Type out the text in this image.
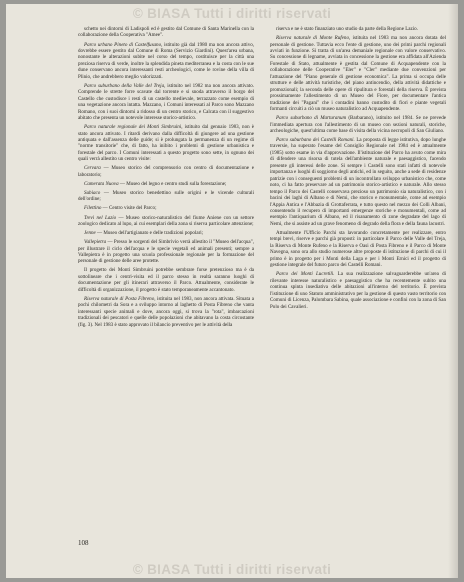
© BIASA Tutti i diritti riservati

schetto nei dintorni di Ladispoli ed è gestito dal Comune di Santa Marinella con la collaborazione della Cooperativa "Amee".

Parco urbano Pineto di Castelfusano, istituito già dal 1980 ma non ancora attivo, dovrebbe essere gestito dal Comune di Roma (Servizio Giardini). Quest'area urbana, nonostante le alterazioni subite nel corso del tempo, costituisce per la città una preziosa riserva di verde, inoltre la splendida pineta mediterranea e la costa con le sue dune conservano ancora interessanti resti archeologici, come le rovine della villa di Plinio, che andrebbero meglio valorizzati.

Parco suburbano della Valle del Treja, istituito nel 1982 ma non ancora attivato. Comprende le strette forre scavate dal torrente e si snoda attraverso il borgo del Castello che custodisce i resti di un castello medievale, terrazzato come esempio di una vegetazione ancora intatta. Mazzano, i Comuni interessati al Parco sono Mazzano Romano, con i suoi dintorni a ridosso di un centro storico, e Calcata con il suggestivo abitato che presenta un notevole interesse storico-artistico.

Parco naturale regionale dei Monti Simbruini, istituito dal gennaio 1983, non è stato ancora attivato. I ritardi derivano dalla difficoltà di giungere ad una gestione antiquata e dall'assenza delle guide; si è prolungata la permanenza di un regime di "norme transitorie" che, di fatto, ha inibito i problemi di gestione urbanistica e forestale del parco. I Comuni interessati a questo progetto sono sette, in ognuno dei quali verrà allestito un centro visite:

Cervara — Museo storico del comprensorio con centro di documentazione e laboratorio;

Camerata Nuova — Museo del legno e centro studi sulla forestazione;

Subiaco — Museo storico benedettino sulle origini e le vicende culturali dell'ordine;

Filettino — Centro visite del Parco;

Trevi nel Lazio — Museo storico-naturalistico del fiume Aniene con un settore zoologico dedicato al lupo, ai cui esemplari della zona si riserva particolare attenzione;

Jenne — Museo dell'artigianato e delle tradizioni popolari;

Vallepietra — Presso le sorgenti del Simbrivio verrà allestito il "Museo dell'acqua", per illustrare il ciclo dell'acqua e le specie vegetali ed animali presenti; sempre a Vallepietra è in progetto una scuola professionale regionale per la formazione del personale di gestione delle aree protette.

Il progetto dei Monti Simbruini potrebbe sembrare forse pretenzioso ma è da sottolineare che i centri-visita ed il parco stesso in realtà saranno luoghi di documentazione per gli itinerari attraverso il Parco. Attualmente, considerate le difficoltà di organizzazione, il progetto è stato temporaneamente accantonato.

Riserva naturale di Posta Fibreno, istituita nel 1983, non ancora attivata. Situata a pochi chilometri da Sora e a sviluppo intorno al laghetto di Posta Fibreno che vanta interessanti specie animali e dove, ancora oggi, si trova la "rota", imbarcazioni tradizionali dei pescatori e quelle delle popolazioni che abitavano la costa circostante (fig. 3). Nel 1983 è stato approvato il bilancio preventivo per le attività della

riserva e ne è stato finanziato uno studio da parte della Regione Lazio.

Riserva naturale di Monte Rufeno, istituita nel 1983 ma non ancora dotata del personale di gestione. Tuttavia ecco l'ente di gestione, uno dei primi parchi regionali avviati in funzione. Si tratta di un'area demaniale regionale con valore conservativo. Su concessione di legname, avviata in concessione la gestione era affidata all'Azienda Forestale di Stato, attualmente è gestita dal Comune di Acquapendente con la collaborazione delle Cooperative "Eler" e "Cler" mediante due convenzioni per l'attuazione del "Piano generale di gestione economica". La prima si occupa delle strutture e delle attività turistiche, del piano antincendio, della attività didattiche e promozionali; la seconda delle opere di ripulitura e forestali della riserva. È prevista prossimamente l'allestimento di un Museo del Fiore, per documentare l'antica tradizione dei "Pagani" che i contadini hanno custodito di fiori e piante vegetali formanti circuiti a ciò un museo naturalistico ad Acquapendente.

Parco suburbano di Marturanum (Barbarano), istituito nel 1984. Se ne prevede l'immediata apertura con l'allestimento di un museo con sezioni naturali, storiche, archeologiche, quest'ultima come base di visita della vicina necropoli di San Giuliano.

Parco suburbano dei Castelli Romani. La proposta di legge istitutiva, dopo lunghe traversie, ha superato l'esame del Consiglio Regionale nel 1984 ed è attualmente (1985) sotto esame in via d'approvazione. Il'istituzione del Parco ha avuto come mira di difendere una risorsa di tutela dell'ambiente naturale e paesaggistico, facendo presente gli interessi delle zone. Si sempre i Castelli sono stati infatti di notevole importanza e luoghi di soggiorno degli antichi, ed in seguito, anche a sede di residenze patrizie con i conseguenti problemi di un incontrollato sviluppo urbanistico che, come noto, ci ha fatto preservare ad un patrimonio storico-artistico e naturale. Allo stesso tempo il Parco dei Castelli conservava prezioso un patrimonio sia naturalistico, con i bacini dei laghi di Albano e di Nemi, che storico e monumentale, come ad esempio l'Appia Antica e l'Abbazia di Grottaferrata, e tutto questo nel mezzo dei Colli Albani, consentendo il recupero di importanti emergenze storiche e monumentali, come ad esempio l'antiquarium di Albano, ed il risanamento di zone degradate del lago di Nemi, che si assiste ad un grave fenomeno di degrado della flora e della fauna lacustri.

Attualmente l'Ufficio Parchi sta lavorando concretamente per realizzare, entro tempi brevi, riserve e parchi già proposti: in particolare il Parco delle Valle del Treja, la Riserva di Monte Rufeno e la Riserva e Oasi di Posta Fibreno e il Parco di Monte Navegna, sono ora allo studio numerose altre proposte di istituzione di parchi di cui il primo è in progetto per i Monti della Laga e per i Monti Ernici ed il progetto di gestione integrale del futuro parco dei Castelli Romani.

Parco dei Monti Lucretili. La sua realizzazione salvaguarderebbe un'area di rilevante interesse naturalistico e paesaggistico che ha recentemente subito una continua spinta insediativa delle abitazioni all'interno del territorio. È prevista l'istituzione di uno Statuto amministrativo per la gestione di questo vasto territorio con Comuni di Licenza, Palombara Sabina, quale associazione e confini con la zona di San Polo dei Cavalieri.

108
© BIASA Tutti i diritti riservati
